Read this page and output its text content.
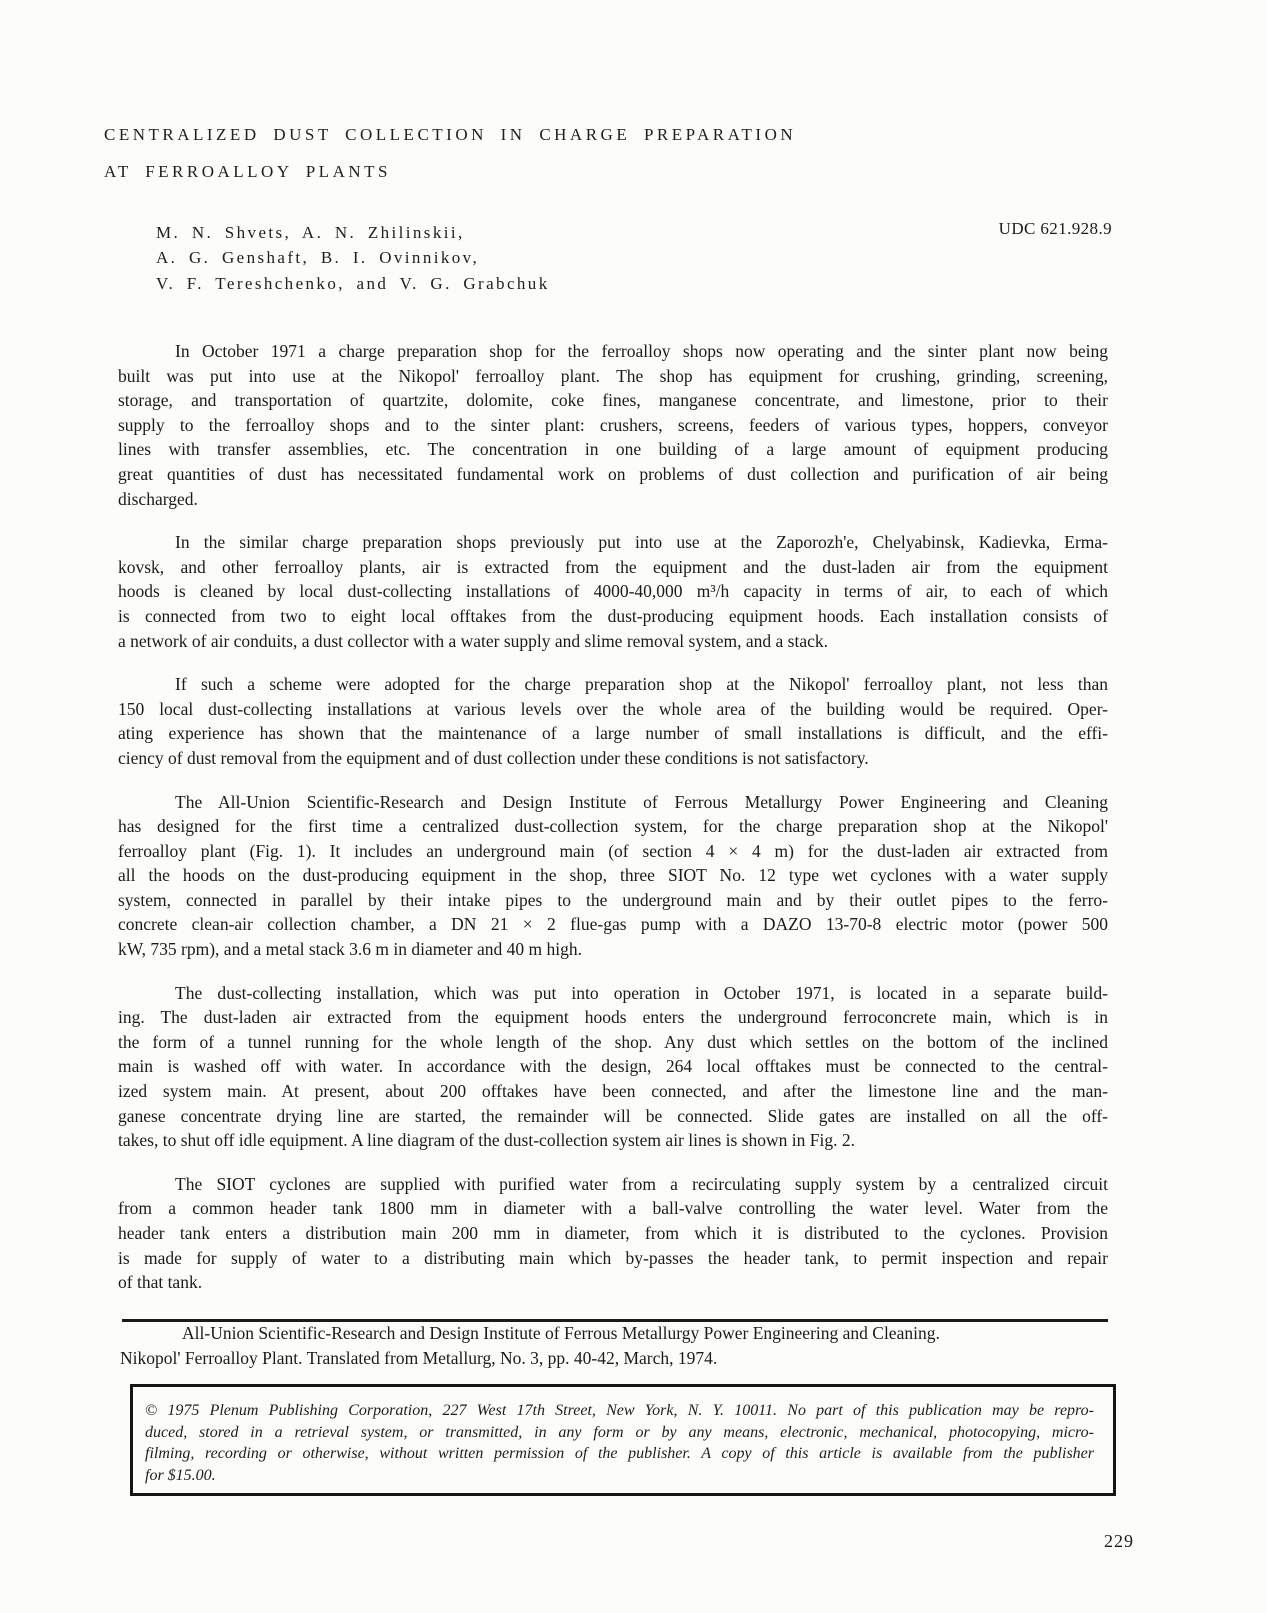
CENTRALIZED DUST COLLECTION IN CHARGE PREPARATION
AT FERROALLOY PLANTS
UDC 621.928.9
M. N. Shvets, A. N. Zhilinskii,
A. G. Genshaft, B. I. Ovinnikov,
V. F. Tereshchenko, and V. G. Grabchuk
In October 1971 a charge preparation shop for the ferroalloy shops now operating and the sinter plant now being
built was put into use at the Nikopol' ferroalloy plant. The shop has equipment for crushing, grinding, screening,
storage, and transportation of quartzite, dolomite, coke fines, manganese concentrate, and limestone, prior to their
supply to the ferroalloy shops and to the sinter plant: crushers, screens, feeders of various types, hoppers, conveyor
lines with transfer assemblies, etc. The concentration in one building of a large amount of equipment producing
great quantities of dust has necessitated fundamental work on problems of dust collection and purification of air being
discharged.
In the similar charge preparation shops previously put into use at the Zaporozh'e, Chelyabinsk, Kadievka, Erma-
kovsk, and other ferroalloy plants, air is extracted from the equipment and the dust-laden air from the equipment
hoods is cleaned by local dust-collecting installations of 4000-40,000 m³/h capacity in terms of air, to each of which
is connected from two to eight local offtakes from the dust-producing equipment hoods. Each installation consists of
a network of air conduits, a dust collector with a water supply and slime removal system, and a stack.
If such a scheme were adopted for the charge preparation shop at the Nikopol' ferroalloy plant, not less than
150 local dust-collecting installations at various levels over the whole area of the building would be required. Oper-
ating experience has shown that the maintenance of a large number of small installations is difficult, and the effi-
ciency of dust removal from the equipment and of dust collection under these conditions is not satisfactory.
The All-Union Scientific-Research and Design Institute of Ferrous Metallurgy Power Engineering and Cleaning
has designed for the first time a centralized dust-collection system, for the charge preparation shop at the Nikopol'
ferroalloy plant (Fig. 1). It includes an underground main (of section 4 × 4 m) for the dust-laden air extracted from
all the hoods on the dust-producing equipment in the shop, three SIOT No. 12 type wet cyclones with a water supply
system, connected in parallel by their intake pipes to the underground main and by their outlet pipes to the ferro-
concrete clean-air collection chamber, a DN 21 × 2 flue-gas pump with a DAZO 13-70-8 electric motor (power 500
kW, 735 rpm), and a metal stack 3.6 m in diameter and 40 m high.
The dust-collecting installation, which was put into operation in October 1971, is located in a separate build-
ing. The dust-laden air extracted from the equipment hoods enters the underground ferroconcrete main, which is in
the form of a tunnel running for the whole length of the shop. Any dust which settles on the bottom of the inclined
main is washed off with water. In accordance with the design, 264 local offtakes must be connected to the central-
ized system main. At present, about 200 offtakes have been connected, and after the limestone line and the man-
ganese concentrate drying line are started, the remainder will be connected. Slide gates are installed on all the off-
takes, to shut off idle equipment. A line diagram of the dust-collection system air lines is shown in Fig. 2.
The SIOT cyclones are supplied with purified water from a recirculating supply system by a centralized circuit
from a common header tank 1800 mm in diameter with a ball-valve controlling the water level. Water from the
header tank enters a distribution main 200 mm in diameter, from which it is distributed to the cyclones. Provision
is made for supply of water to a distributing main which by-passes the header tank, to permit inspection and repair
of that tank.
All-Union Scientific-Research and Design Institute of Ferrous Metallurgy Power Engineering and Cleaning.
Nikopol' Ferroalloy Plant. Translated from Metallurg, No. 3, pp. 40-42, March, 1974.
© 1975 Plenum Publishing Corporation, 227 West 17th Street, New York, N. Y. 10011. No part of this publication may be repro-
duced, stored in a retrieval system, or transmitted, in any form or by any means, electronic, mechanical, photocopying, micro-
filming, recording or otherwise, without written permission of the publisher. A copy of this article is available from the publisher
for $15.00.
229
